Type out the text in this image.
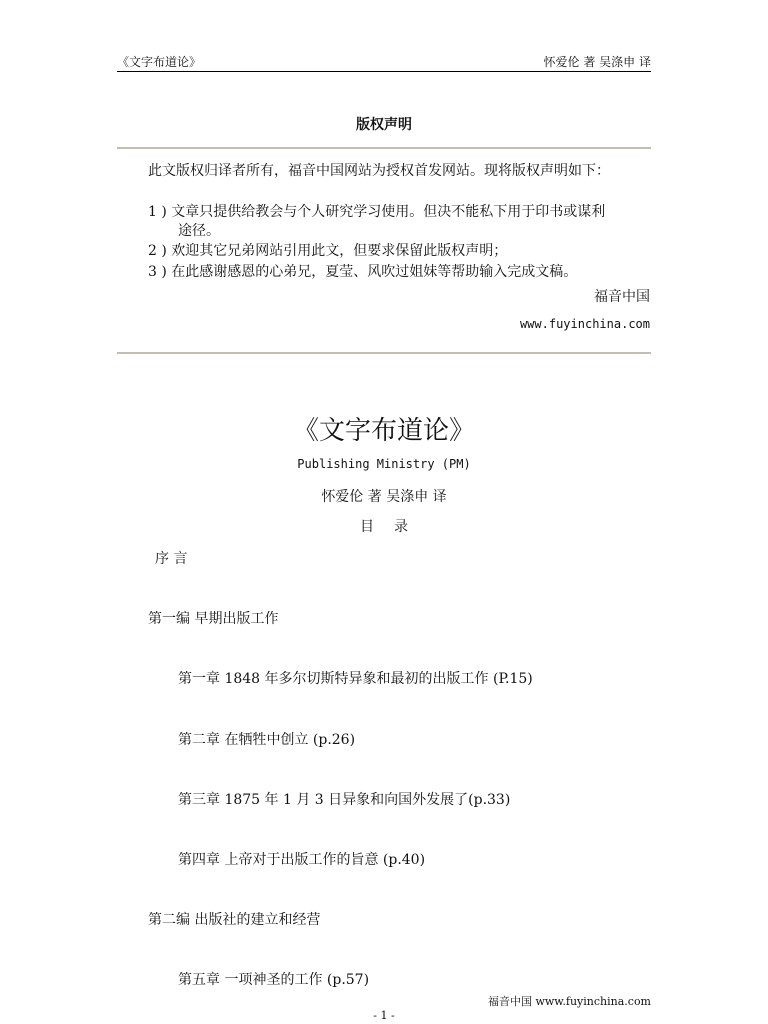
《文字布道论》	怀爱伦 著 吴涤申 译
版权声明
此文版权归译者所有，福音中国网站为授权首发网站。现将版权声明如下：
1 ) 文章只提供给教会与个人研究学习使用。但决不能私下用于印书或谋利
途径。
2 ) 欢迎其它兄弟网站引用此文，但要求保留此版权声明；
3 ) 在此感谢感恩的心弟兄，夏莹、风吹过姐妹等帮助输入完成文稿。
福音中国
www.fuyinchina.com
《文字布道论》
Publishing Ministry (PM)
怀爱伦 著 吴涤申 译
目录
序 言
第一编 早期出版工作
第一章 1848 年多尔切斯特异象和最初的出版工作 (P.15)
第二章 在牺牲中创立 (p.26)
第三章 1875 年 1 月 3 日异象和向国外发展了(p.33)
第四章 上帝对于出版工作的旨意 (p.40)
第二编 出版社的建立和经营
第五章 一项神圣的工作 (p.57)
福音中国 www.fuyinchina.com
- 1 -
